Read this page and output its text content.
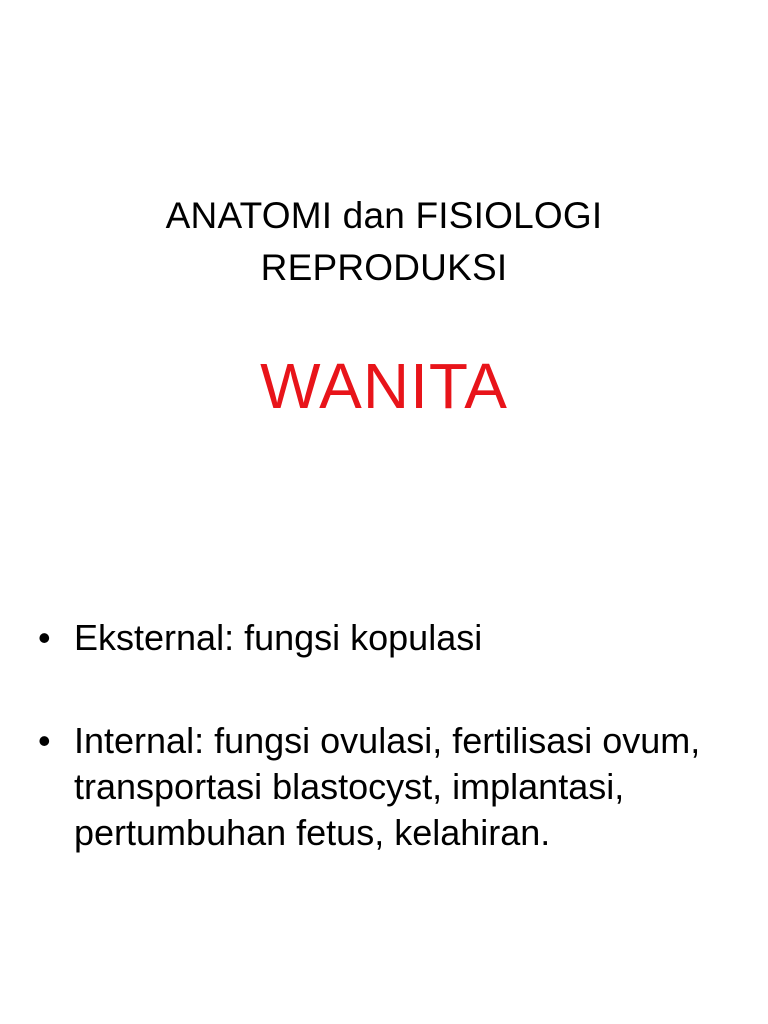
ANATOMI dan FISIOLOGI
REPRODUKSI
WANITA
• Eksternal: fungsi kopulasi
• Internal: fungsi ovulasi, fertilisasi ovum, transportasi blastocyst, implantasi, pertumbuhan fetus, kelahiran.
